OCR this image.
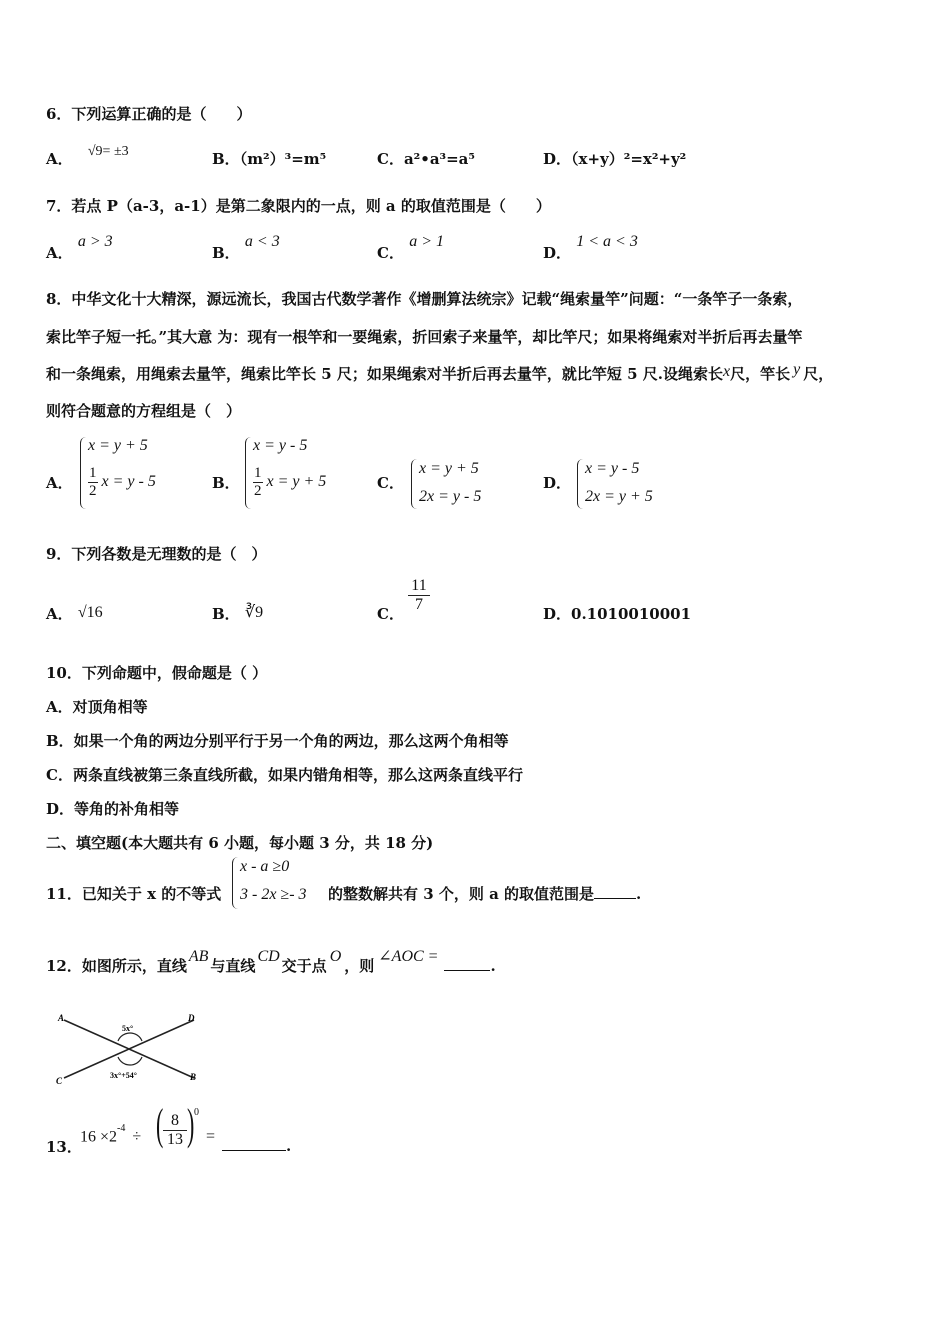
6．下列运算正确的是（　　）
A． √9= ±3	B．（m²）³=m⁵	C．a²•a³=a⁵	D．（x+y）²=x²+y²
7．若点 P（a-3，a-1）是第二象限内的一点，则 a 的取值范围是（　　）
A． a > 3
B． a < 3
C． a > 1
D． 1 < a < 3
8．中华文化十大精深，源远流长，我国古代数学著作《增删算法统宗》记载“绳索量竿”问题：“一条竿子一条索，
索比竿子短一托。”其大意 为：现有一根竿和一要绳索，折回索子来量竿，却比竿尺；如果将绳索对半折后再去量竿
和一条绳索，用绳索去量竿，绳索比竿长 5 尺；如果绳索对半折后再去量竿，就比竿短 5 尺.设绳索长x尺，竿长 y 尺，
则符合题意的方程组是（　）
A．
x = y + 5
$\frac{1}{2}$ x = y - 5	B．
x = y - 5
$\frac{1}{2}$ x = y + 5	C．
x = y + 5
2x = y - 5
D．
x = y - 5
2x = y + 5
9．下列各数是无理数的是（　）
A． √16	B． ∛9	C．
11
7
D．0.1010010001
10．下列命题中，假命题是（ ）
A．对顶角相等
B．如果一个角的两边分别平行于另一个角的两边，那么这两个角相等
C．两条直线被第三条直线所截，如果内错角相等，那么这两条直线平行
D．等角的补角相等
二、填空题(本大题共有 6 小题，每小题 3 分，共 18 分)
11．已知关于 x 的不等式
x - a ≥0
3 - 2x ≥- 3 的整数解共有 3 个，则 a 的取值范围是	.
12．如图所示，直线AB与直线CD交于点O，则∠AOC =.
A	D
C	B
5x°
3x°+54°
13．
$16 \times 2^{-4}$ ÷ ( 8
13 ) 0
=
.
